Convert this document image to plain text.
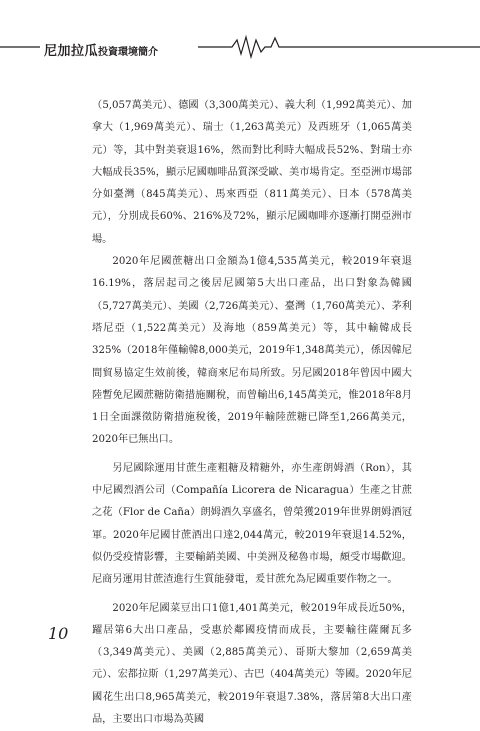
尼加拉瓜投資環境簡介

（5,057萬美元）、德國（3,300萬美元）、義大利（1,992萬美元）、加拿大（1,969萬美元）、瑞士（1,263萬美元）及西班牙（1,065萬美元）等，其中對美衰退16%，然而對比利時大幅成長52%、對瑞士亦大幅成長35%，顯示尼國咖啡品質深受歐、美市場肯定。至亞洲市場部分如臺灣（845萬美元）、馬來西亞（811萬美元）、日本（578萬美元），分別成長60%、216%及72%，顯示尼國咖啡亦逐漸打開亞洲市場。

2020年尼國蔗糖出口金額為1億4,535萬美元，較2019年衰退16.19%，落居起司之後居尼國第5大出口產品，出口對象為韓國（5,727萬美元）、美國（2,726萬美元）、臺灣（1,760萬美元）、茅利塔尼亞（1,522萬美元）及海地（859萬美元）等，其中輸韓成長325%（2018年僅輸韓8,000美元，2019年1,348萬美元），係因韓尼間貿易協定生效前後，韓商來尼布局所致。另尼國2018年曾因中國大陸暫免尼國蔗糖防衛措施關稅，而曾輸出6,145萬美元，惟2018年8月1日全面課徵防衛措施稅後，2019年輸陸蔗糖已降至1,266萬美元，2020年已無出口。

另尼國除運用甘蔗生產粗糖及精糖外，亦生產朗姆酒（Ron），其中尼國烈酒公司（Compañía Licorera de Nicaragua）生產之甘蔗之花（Flor de Caña）朗姆酒久享盛名，曾榮獲2019年世界朗姆酒冠軍。2020年尼國甘蔗酒出口達2,044萬元，較2019年衰退14.52%，似仍受疫情影響，主要輸銷美國、中美洲及秘魯市場，頗受市場歡迎。尼商另運用甘蔗渣進行生質能發電，爰甘蔗允為尼國重要作物之一。

2020年尼國菜豆出口1億1,401萬美元，較2019年成長近50%，躍居第6大出口產品，受惠於鄰國疫情而成長，主要輸往薩爾瓦多（3,349萬美元）、美國（2,885萬美元）、哥斯大黎加（2,659萬美元）、宏都拉斯（1,297萬美元）、古巴（404萬美元）等國。2020年尼國花生出口8,965萬美元，較2019年衰退7.38%，落居第8大出口產品，主要出口市場為英國

10
